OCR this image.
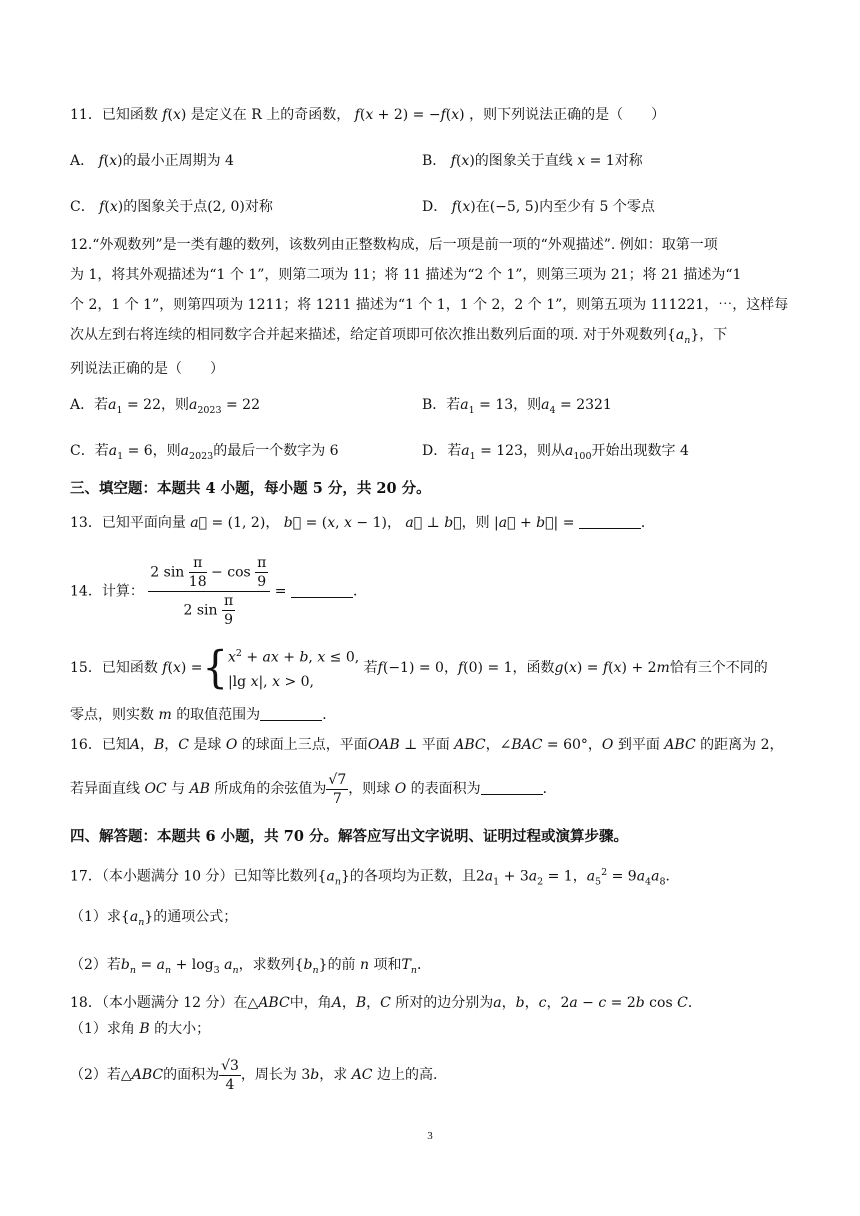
11．已知函数 f(x) 是定义在 R 上的奇函数， f(x + 2) = −f(x) ，则下列说法正确的是（　　）
A． f(x)的最小正周期为 4	B． f(x)的图象关于直线 x = 1对称
C． f(x)的图象关于点(2, 0)对称	D． f(x)在(−5, 5)内至少有 5 个零点
12.“外观数列”是一类有趣的数列，该数列由正整数构成，后一项是前一项的“外观描述”. 例如：取第一项
为 1，将其外观描述为“1 个 1”，则第二项为 11；将 11 描述为“2 个 1”，则第三项为 21；将 21 描述为“1
个 2，1 个 1”，则第四项为 1211；将 1211 描述为“1 个 1，1 个 2，2 个 1”，则第五项为 111221，⋯，这样每
次从左到右将连续的相同数字合并起来描述，给定首项即可依次推出数列后面的项. 对于外观数列$\{a_n\}$，下
列说法正确的是（　　）
A．若$a_1 = 22$，则$a_{2023} = 22$	B．若$a_1 = 13$，则$a_4 = 2321$
C．若$a_1 = 6$，则$a_{2023}$的最后一个数字为 6	D．若$a_1 = 123$，则从$a_{100}$开始出现数字 4
三、填空题：本题共 4 小题，每小题 5 分，共 20 分。
13．已知平面向量 a⃗ = (1, 2)， b⃗ = (x, x − 1)， a⃗ ⊥ b⃗，则 |a⃗ + b⃗| =	．
14．计算： $\frac{2 \sin \frac{\pi}{18} - \cos \frac{\pi}{9}}{2 \sin \frac{\pi}{9}}$ =	．
15．已知函数 f(x) ={ $x^2$ + ax + b, x ≤ 0,
|lg x|, x > 0,
若f(−1) = 0，f(0) = 1，函数g(x) = f(x) + 2m恰有三个不同的
零点，则实数 m 的取值范围为	．
16．已知A，B，C 是球 O 的球面上三点，平面OAB ⊥ 平面 ABC，∠BAC = 60°，O 到平面 ABC 的距离为 2，
若异面直线 OC 与 AB 所成角的余弦值为 $\frac{√7}{7}$ ，则球 O 的表面积为	．
四、解答题：本题共 6 小题，共 70 分。解答应写出文字说明、证明过程或演算步骤。
17．（本小题满分 10 分）已知等比数列$\{a_n\}$的各项均为正数，且$2a_1 + 3a_2 = 1$，$a_5^2 = 9a_4a_8$．
（1）求$\{a_n\}$的通项公式；
（2）若$b_n = a_n + \log_3 a_n$，求数列$\{b_n\}$的前 n 项和$T_n$．
18．（本小题满分 12 分）在△ABC中，角A，B，C 所对的边分别为a，b，c，2a − c = 2b cos C．
（1）求角 B 的大小；
（2）若△ABC的面积为 $\frac{√3}{4}$ ，周长为 3b，求 AC 边上的高.
3
